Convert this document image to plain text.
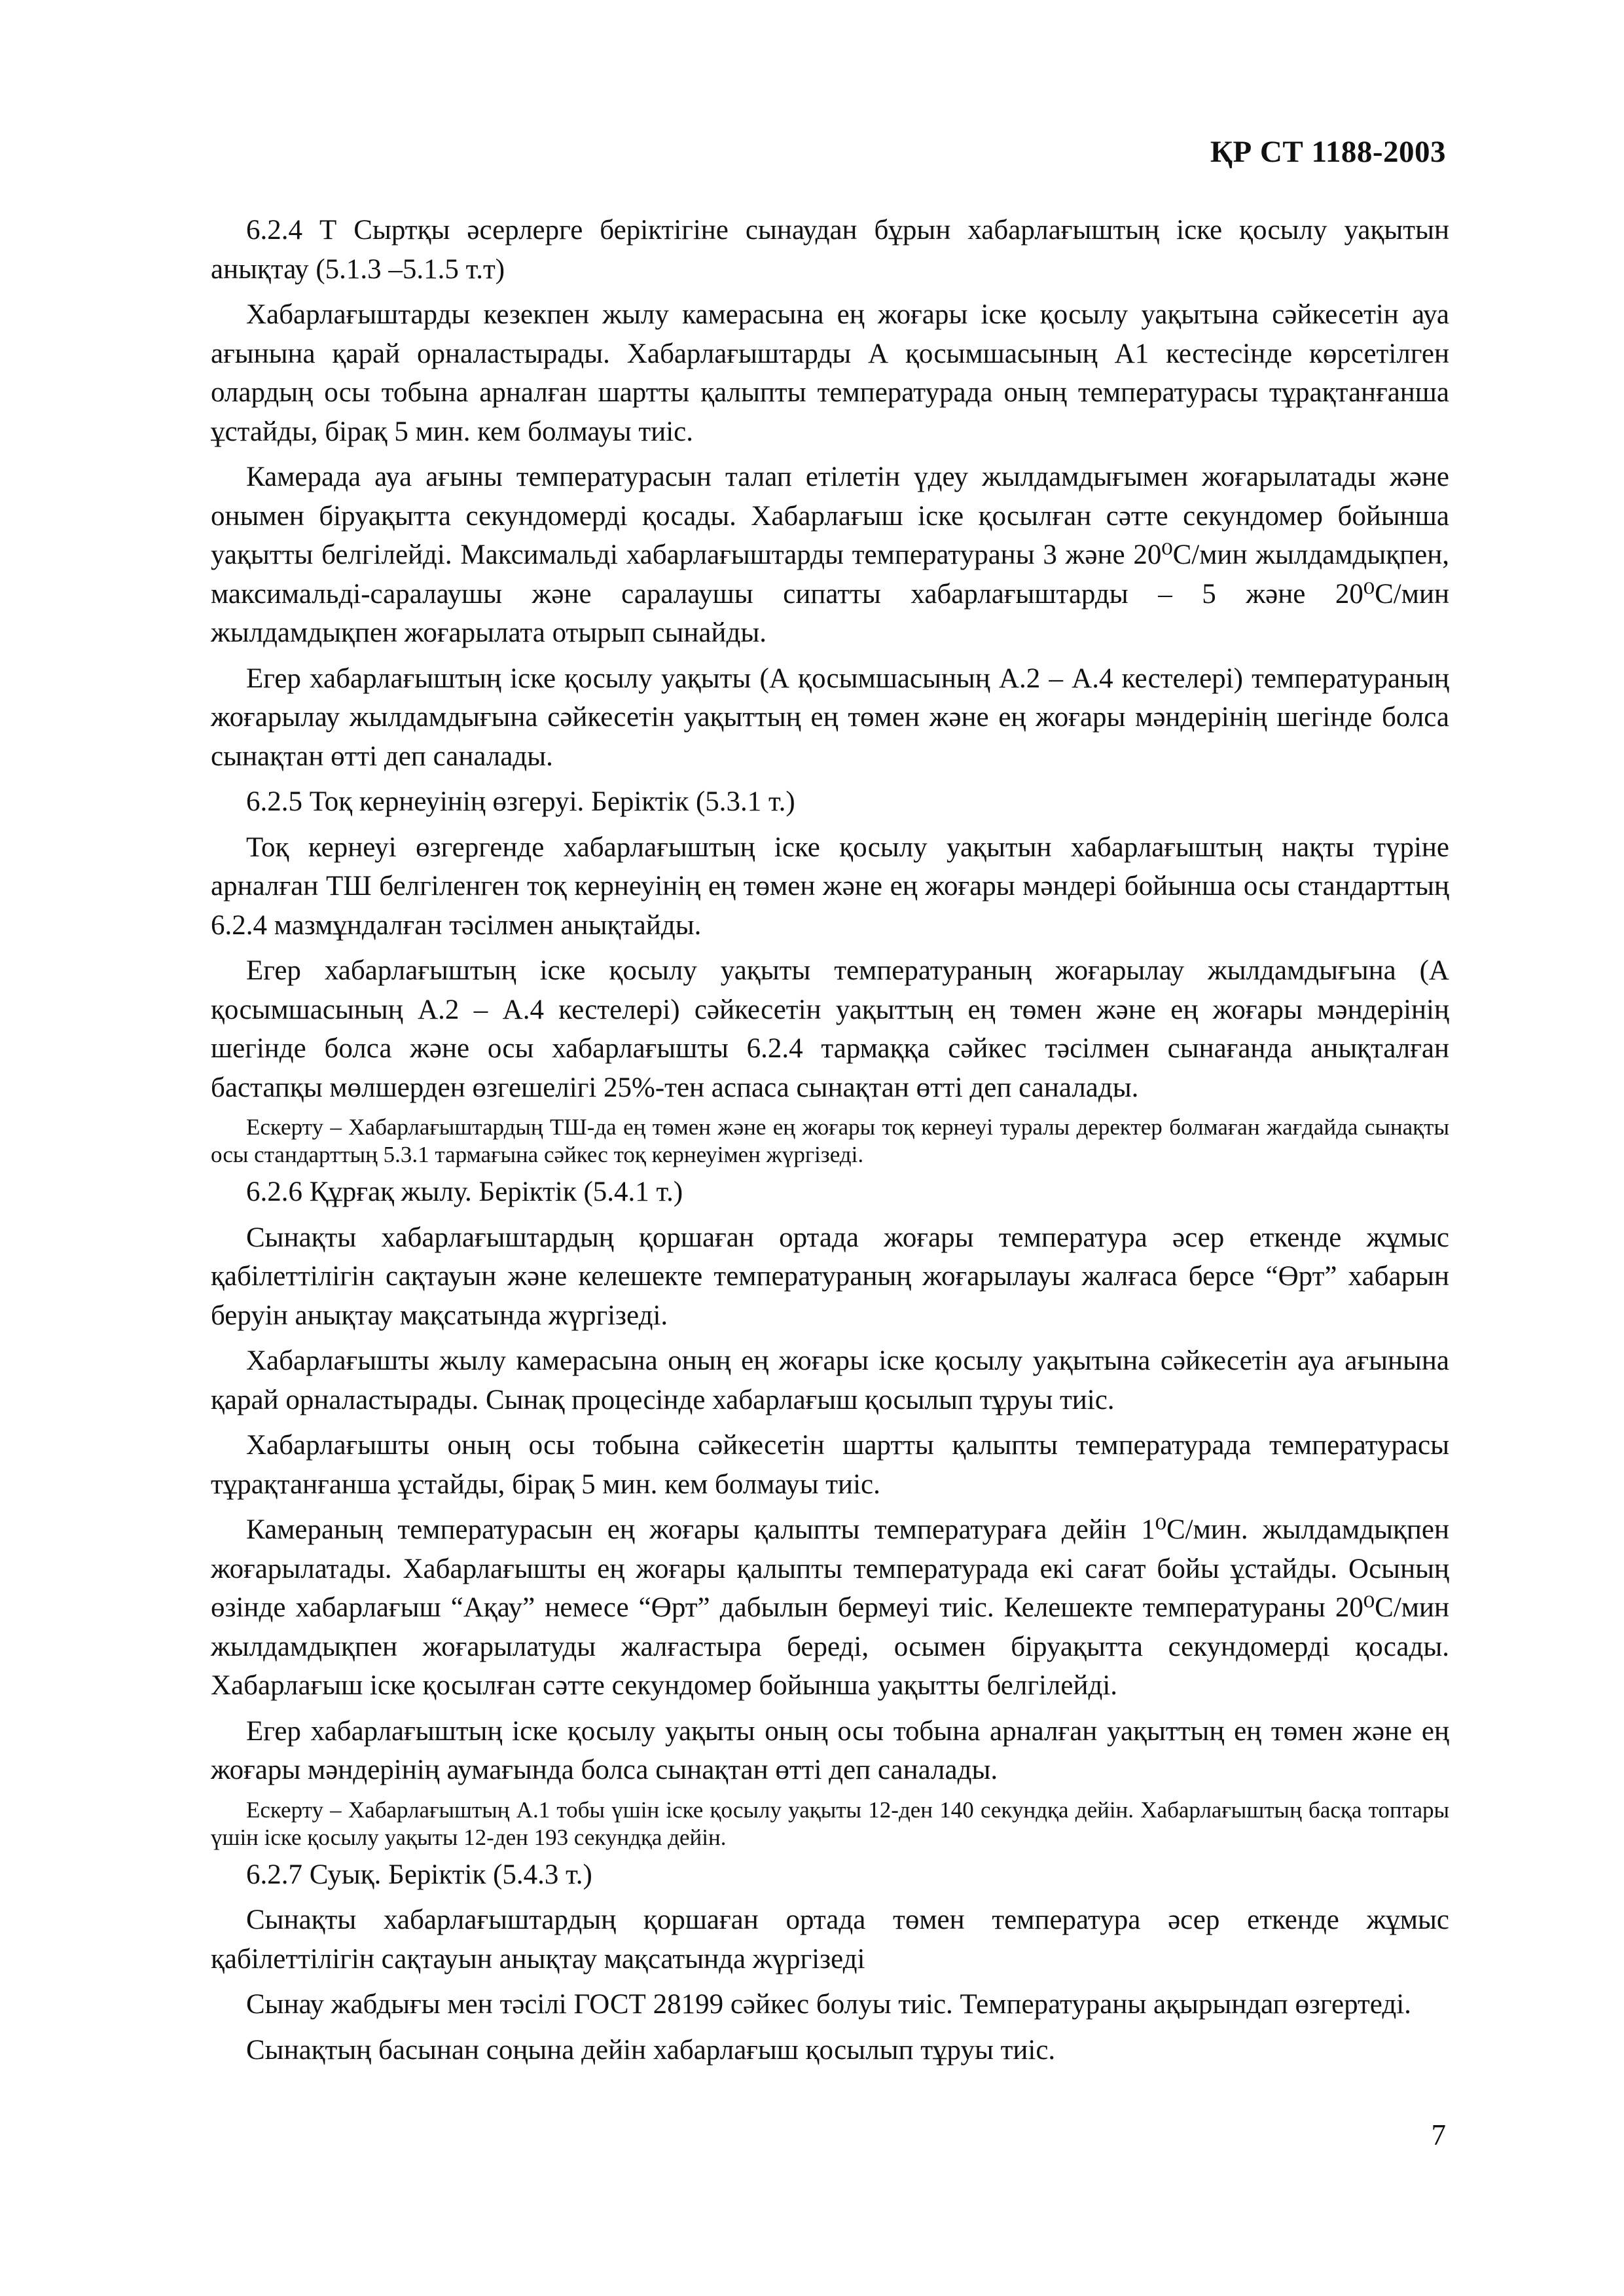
ҚР СТ 1188-2003

6.2.4 Т Сыртқы әсерлерге беріктігіне сынаудан бұрын хабарлағыштың іске қосылу уақытын анықтау (5.1.3 –5.1.5 т.т)

Хабарлағыштарды кезекпен жылу камерасына ең жоғары іске қосылу уақытына сәйкесетін ауа ағынына қарай орналастырады. Хабарлағыштарды А қосымшасының А1 кестесінде көрсетілген олардың осы тобына арналған шартты қалыпты температурада оның температурасы тұрақтанғанша ұстайды, бірақ 5 мин. кем болмауы тиіс.

Камерада ауа ағыны температурасын талап етілетін үдеу жылдамдығымен жоғарылатады және онымен біруақытта секундомерді қосады. Хабарлағыш іске қосылған сәтте секундомер бойынша уақытты белгілейді. Максимальді хабарлағыштарды температураны 3 және 20⁰С/мин жылдамдықпен, максимальді-саралаушы және саралаушы сипатты хабарлағыштарды – 5 және 20⁰С/мин жылдамдықпен жоғарылата отырып сынайды.

Егер хабарлағыштың іске қосылу уақыты (А қосымшасының А.2 – А.4 кестелері) температураның жоғарылау жылдамдығына сәйкесетін уақыттың ең төмен және ең жоғары мәндерінің шегінде болса сынақтан өтті деп саналады.

6.2.5 Тоқ кернеуінің өзгеруі. Беріктік (5.3.1 т.)

Тоқ кернеуі өзгергенде хабарлағыштың іске қосылу уақытын хабарлағыштың нақты түріне арналған ТШ белгіленген тоқ кернеуінің ең төмен және ең жоғары мәндері бойынша осы стандарттың 6.2.4 мазмұндалған тәсілмен анықтайды.

Егер хабарлағыштың іске қосылу уақыты температураның жоғарылау жылдамдығына (А қосымшасының А.2 – А.4 кестелері) сәйкесетін уақыттың ең төмен және ең жоғары мәндерінің шегінде болса және осы хабарлағышты 6.2.4 тармаққа сәйкес тәсілмен сынағанда анықталған бастапқы мөлшерден өзгешелігі 25%-тен аспаса сынақтан өтті деп саналады.

Ескерту – Хабарлағыштардың ТШ-да ең төмен және ең жоғары тоқ кернеуі туралы деректер болмаған жағдайда сынақты осы стандарттың 5.3.1 тармағына сәйкес тоқ кернеуімен жүргізеді.

6.2.6 Құрғақ жылу. Беріктік (5.4.1 т.)

Сынақты хабарлағыштардың қоршаған ортада жоғары температура әсер еткенде жұмыс қабілеттілігін сақтауын және келешекте температураның жоғарылауы жалғаса берсе “Өрт” хабарын беруін анықтау мақсатында жүргізеді.

Хабарлағышты жылу камерасына оның ең жоғары іске қосылу уақытына сәйкесетін ауа ағынына қарай орналастырады. Сынақ процесінде хабарлағыш қосылып тұруы тиіс.

Хабарлағышты оның осы тобына сәйкесетін шартты қалыпты температурада температурасы тұрақтанғанша ұстайды, бірақ 5 мин. кем болмауы тиіс.

Камераның температурасын ең жоғары қалыпты температураға дейін 1⁰С/мин. жылдамдықпен жоғарылатады. Хабарлағышты ең жоғары қалыпты температурада екі сағат бойы ұстайды. Осының өзінде хабарлағыш “Ақау” немесе “Өрт” дабылын бермеуі тиіс. Келешекте температураны 20⁰С/мин жылдамдықпен жоғарылатуды жалғастыра береді, осымен біруақытта секундомерді қосады. Хабарлағыш іске қосылған сәтте секундомер бойынша уақытты белгілейді.

Егер хабарлағыштың іске қосылу уақыты оның осы тобына арналған уақыттың ең төмен және ең жоғары мәндерінің аумағында болса сынақтан өтті деп саналады.

Ескерту – Хабарлағыштың А.1 тобы үшін іске қосылу уақыты 12-ден 140 секундқа дейін. Хабарлағыштың басқа топтары үшін іске қосылу уақыты 12-ден 193 секундқа дейін.

6.2.7 Суық. Беріктік (5.4.3 т.)

Сынақты хабарлағыштардың қоршаған ортада төмен температура әсер еткенде жұмыс қабілеттілігін сақтауын анықтау мақсатында жүргізеді

Сынау жабдығы мен тәсілі ГОСТ 28199 сәйкес болуы тиіс. Температураны ақырындап өзгертеді.

Сынақтың басынан соңына дейін хабарлағыш қосылып тұруы тиіс.

7
